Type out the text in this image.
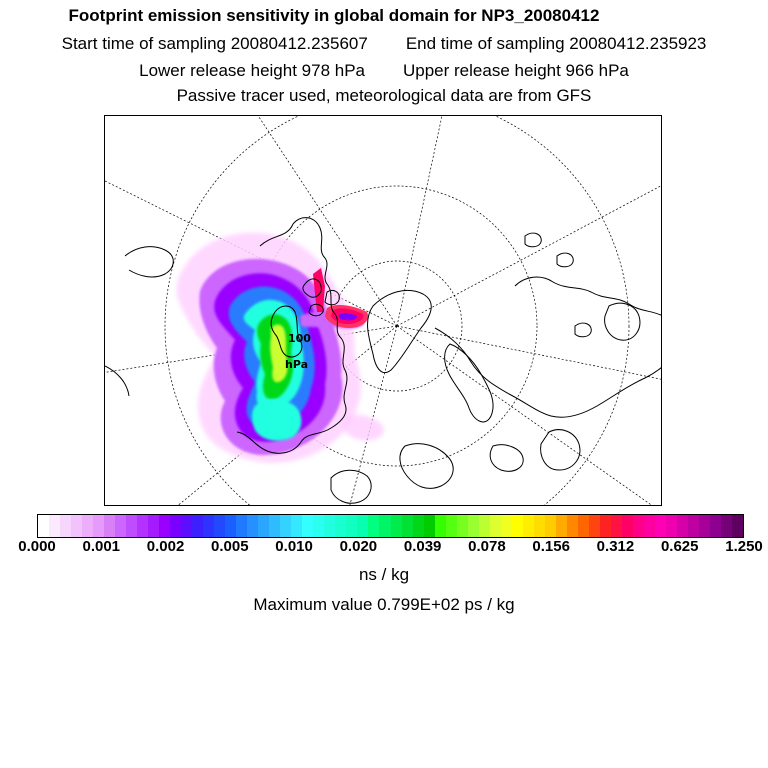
Footprint emission sensitivity in global domain for NP3_20080412
Start time of sampling 20080412.235607 End time of sampling 20080412.235923
Lower release height 978 hPa Upper release height 966 hPa
Passive tracer used, meteorological data are from GFS
100
hPa
0.000 0.001 0.002 0.005 0.010 0.020 0.039 0.078 0.156 0.312 0.625 1.250
ns / kg
Maximum value 0.799E+02 ps / kg
